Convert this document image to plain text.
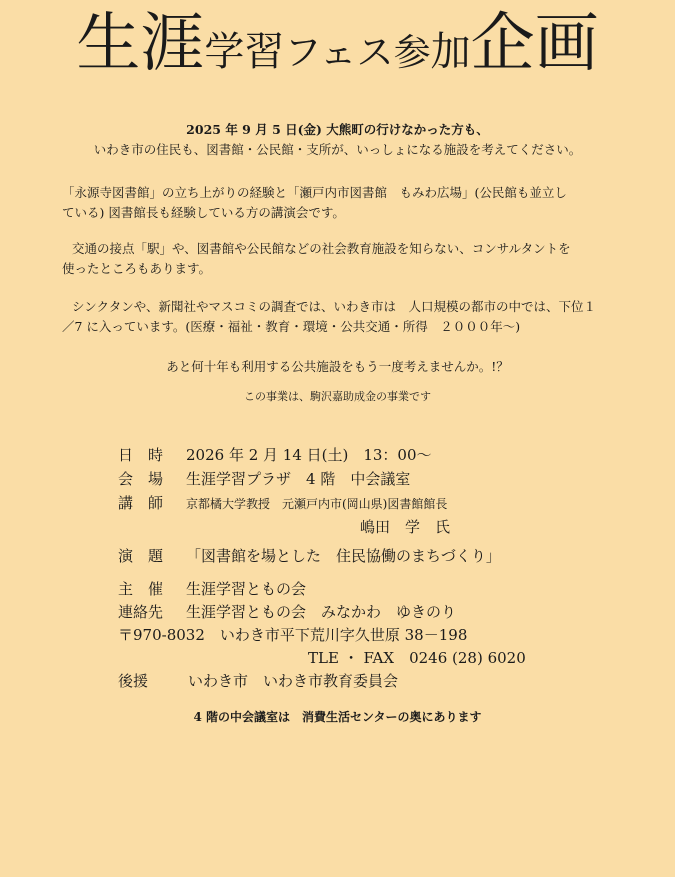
生涯学習フェス参加企画
2025 年 9 月 5 日(金) 大熊町の行けなかった方も、
いわき市の住民も、図書館・公民館・支所が、いっしょになる施設を考えてください。
「永源寺図書館」の立ち上がりの経験と「瀬戸内市図書館　もみわ広場」(公民館も並立し
ている) 図書館長も経験している方の講演会です。
交通の接点「駅」や、図書館や公民館などの社会教育施設を知らない、コンサルタントを
使ったところもあります。
シンクタンや、新聞社やマスコミの調査では、いわき市は　人口規模の都市の中では、下位１
／7 に入っています。(医療・福祉・教育・環境・公共交通・所得　２０００年～)
あと何十年も利用する公共施設をもう一度考えませんか。!？
この事業は、駒沢嘉助成金の事業です
日　時 2026 年 2 月 14 日(土)　13：00～
会　場 生涯学習プラザ　4 階　中会議室
講　師 京都橘大学教授　元瀬戸内市(岡山県)図書館館長
嶋田　学　氏
演　題 「図書館を場とした　住民協働のまちづくり」
主　催 生涯学習ともの会
連絡先 生涯学習ともの会　みなかわ　ゆきのり
〒970-8032　いわき市平下荒川字久世原 38－198
TLE ・ FAX　0246 (28) 6020
後援	いわき市　いわき市教育委員会
4 階の中会議室は　消費生活センターの奥にあります
